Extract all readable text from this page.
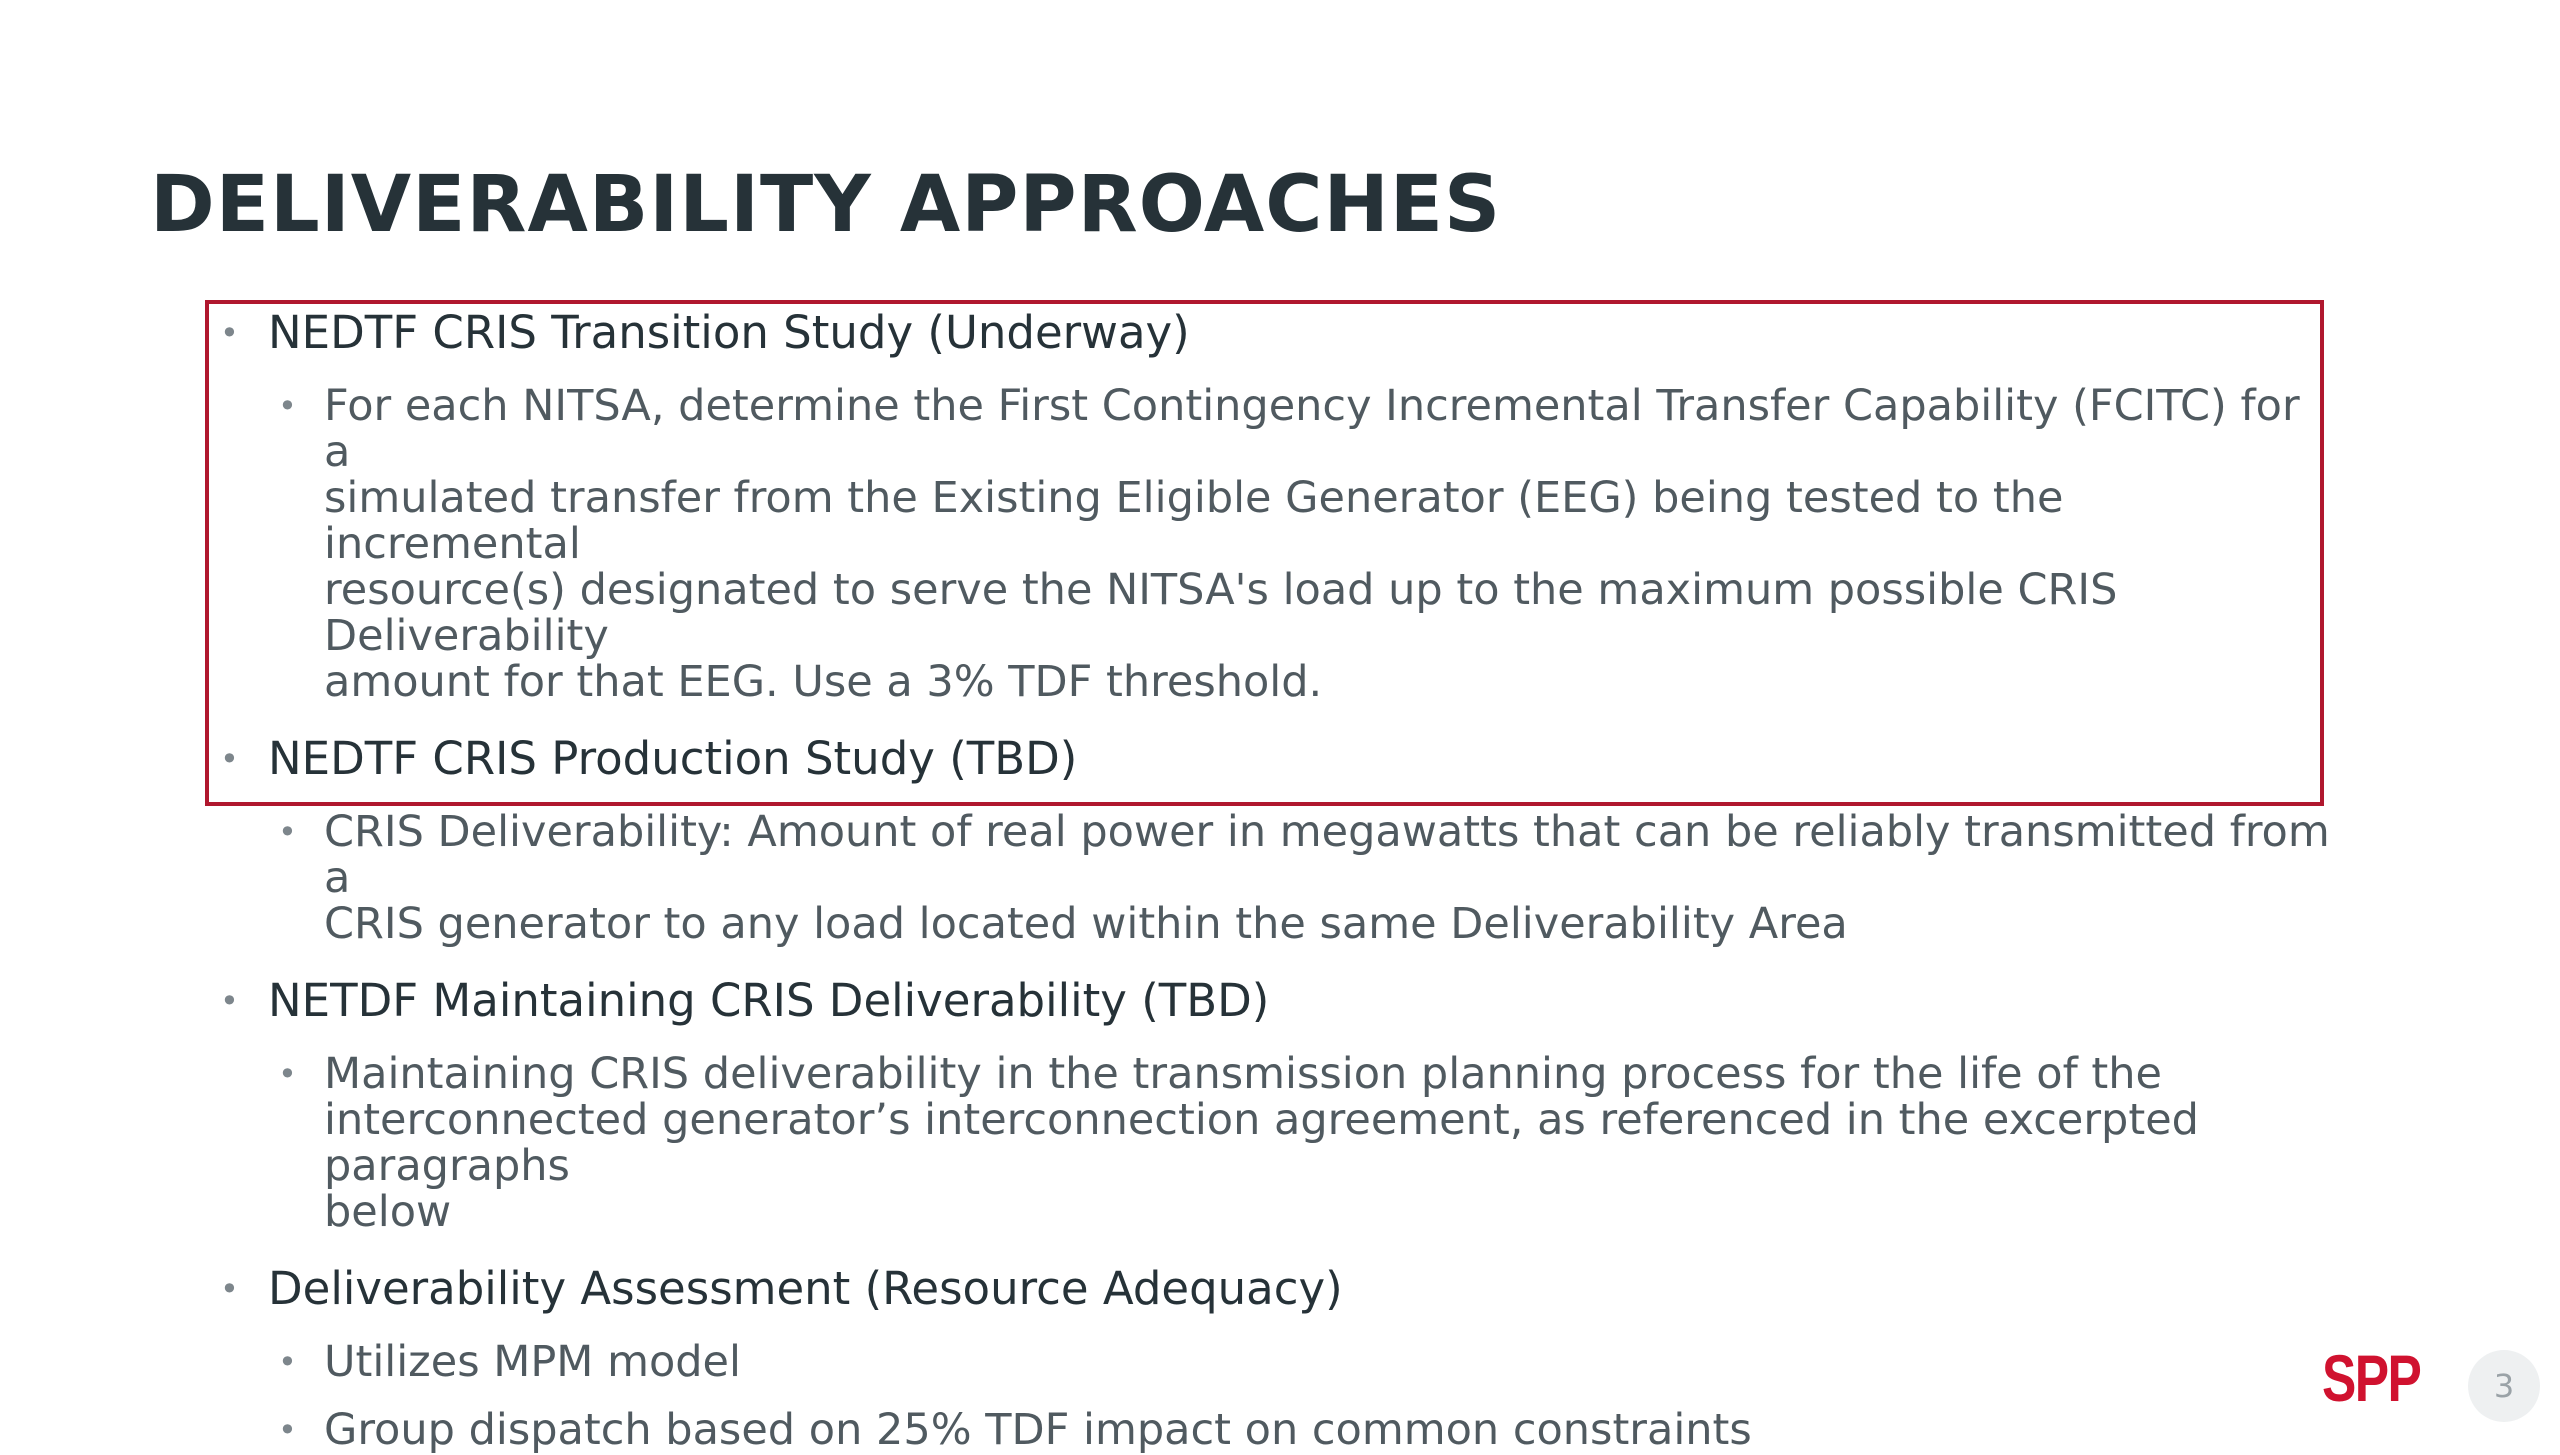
DELIVERABILITY APPROACHES
• NEDTF CRIS Transition Study (Underway)
• For each NITSA, determine the First Contingency Incremental Transfer Capability (FCITC) for a
simulated transfer from the Existing Eligible Generator (EEG) being tested to the incremental
resource(s) designated to serve the NITSA's load up to the maximum possible CRIS Deliverability
amount for that EEG. Use a 3% TDF threshold.
• NEDTF CRIS Production Study (TBD)
• CRIS Deliverability: Amount of real power in megawatts that can be reliably transmitted from a
CRIS generator to any load located within the same Deliverability Area
• NETDF Maintaining CRIS Deliverability (TBD)
• Maintaining CRIS deliverability in the transmission planning process for the life of the
interconnected generator’s interconnection agreement, as referenced in the excerpted paragraphs
below
• Deliverability Assessment (Resource Adequacy)
• Utilizes MPM model
• Group dispatch based on 25% TDF impact on common constraints
SPP	3
